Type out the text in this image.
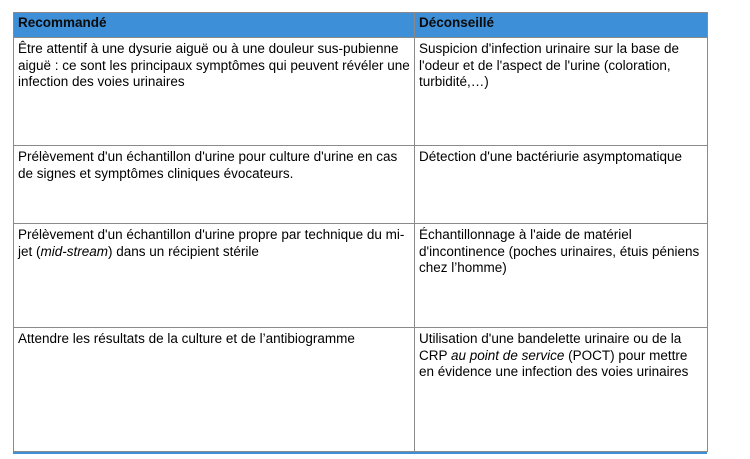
Recommandé	Déconseillé
Être attentif à une dysurie aiguë ou à une douleur sus-pubienne aiguë : ce sont les principaux symptômes qui peuvent révéler une infection des voies urinaires	Suspicion d'infection urinaire sur la base de l'odeur et de l'aspect de l'urine (coloration, turbidité,…)
Prélèvement d'un échantillon d'urine pour culture d'urine en cas de signes et symptômes cliniques évocateurs.	Détection d'une bactériurie asymptomatique
Prélèvement d'un échantillon d'urine propre par technique du mi-jet (mid-stream) dans un récipient stérile	Échantillonnage à l'aide de matériel d'incontinence (poches urinaires, étuis péniens chez l’homme)
Attendre les résultats de la culture et de l’antibiogramme	Utilisation d'une bandelette urinaire ou de la CRP au point de service (POCT) pour mettre en évidence une infection des voies urinaires
